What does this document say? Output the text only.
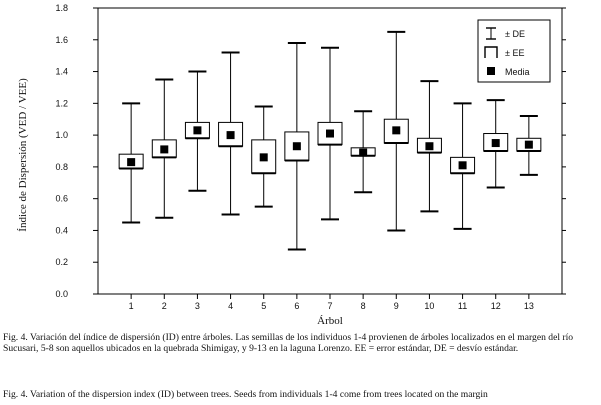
0.0
0.2
0.4
0.6
0.8
1.0
1.2
1.4
1.6
1.8
1	2	3	4	5	6	7	8	9	10	11	12	13
Árbol
Índice de Dispersión (VED / VEE)
± DE
± EE
Media

Fig. 4. Variación del índice de dispersión (ID) entre árboles. Las semillas de los individuos 1-4 provienen de árboles localizados en el margen del río Sucusari, 5-8 son aquellos ubicados en la quebrada Shimigay, y 9-13 en la laguna Lorenzo. EE = error estándar, DE = desvío estándar.

Fig. 4. Variation of the dispersion index (ID) between trees. Seeds from individuals 1-4 come from trees located on the margin
